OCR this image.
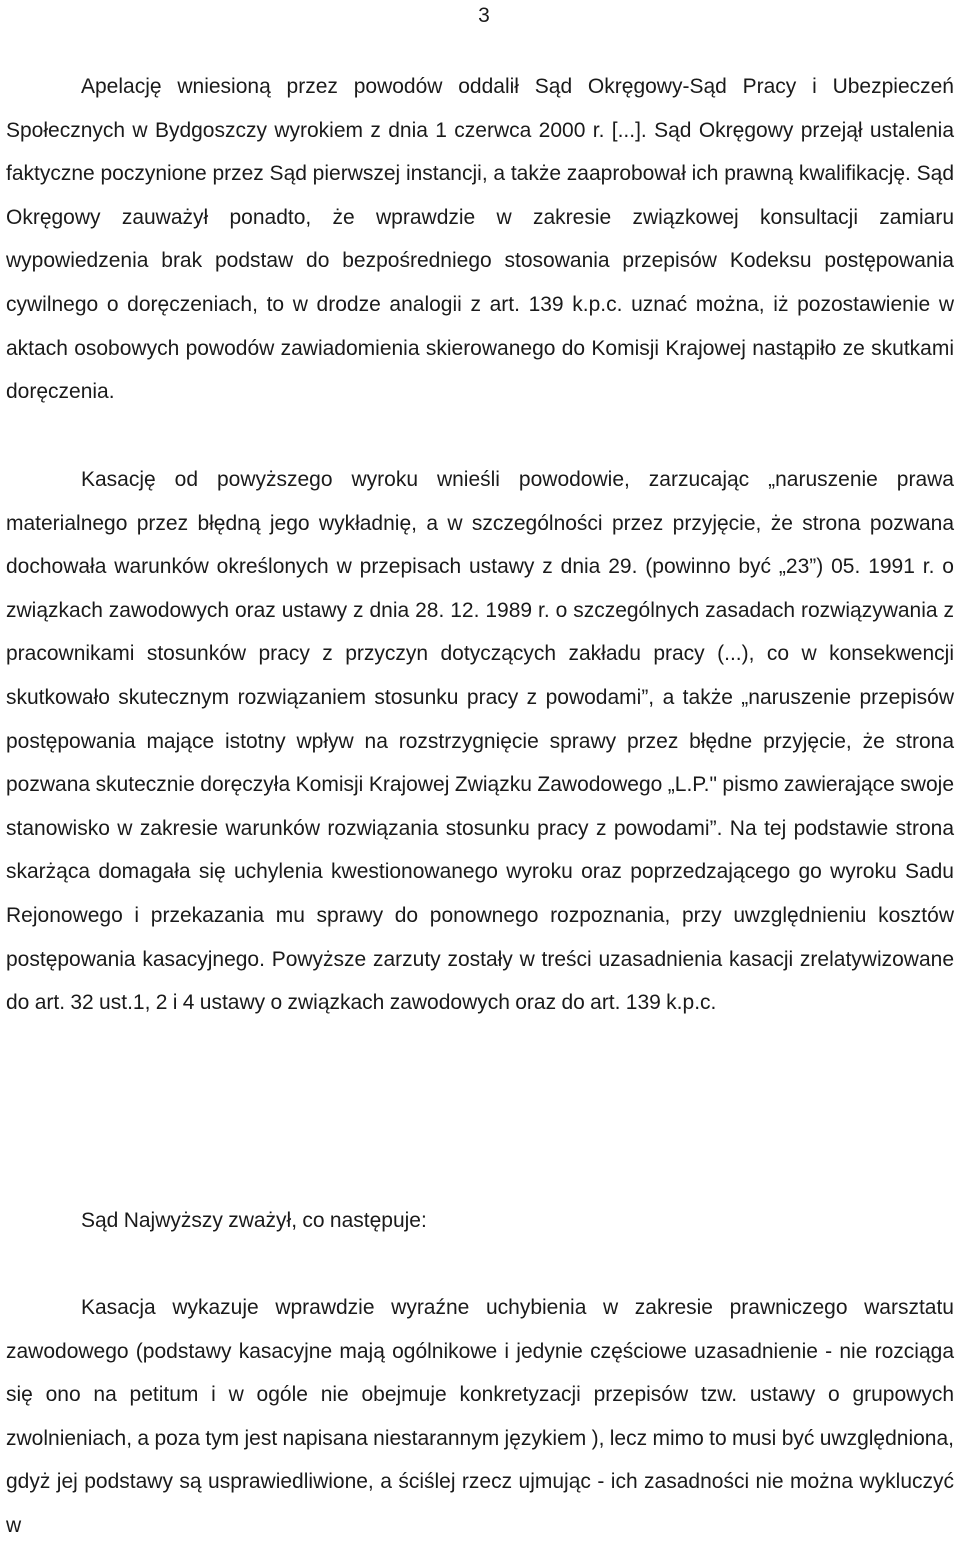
3

Apelację wniesioną przez powodów oddalił Sąd Okręgowy-Sąd Pracy i Ubezpieczeń Społecznych w Bydgoszczy wyrokiem z dnia 1 czerwca 2000 r. [...]. Sąd Okręgowy przejął ustalenia faktyczne poczynione przez Sąd pierwszej instancji, a także zaaprobował ich prawną kwalifikację. Sąd Okręgowy zauważył ponadto, że wprawdzie w zakresie związkowej konsultacji zamiaru wypowiedzenia brak podstaw do bezpośredniego stosowania przepisów Kodeksu postępowania cywilnego o doręczeniach, to w drodze analogii z art. 139 k.p.c. uznać można, iż pozostawienie w aktach osobowych powodów zawiadomienia skierowanego do Komisji Krajowej nastąpiło ze skutkami doręczenia.

Kasację od powyższego wyroku wnieśli powodowie, zarzucając „naruszenie prawa materialnego przez błędną jego wykładnię, a w szczególności przez przyjęcie, że strona pozwana dochowała warunków określonych w przepisach ustawy z dnia 29. (powinno być „23”) 05. 1991 r. o związkach zawodowych oraz ustawy z dnia 28. 12. 1989 r. o szczególnych zasadach rozwiązywania z pracownikami stosunków pracy z przyczyn dotyczących zakładu pracy (...), co w konsekwencji skutkowało skutecznym rozwiązaniem stosunku pracy z powodami”, a także „naruszenie przepisów postępowania mające istotny wpływ na rozstrzygnięcie sprawy przez błędne przyjęcie, że strona pozwana skutecznie doręczyła Komisji Krajowej Związku Zawodowego „L.P." pismo zawierające swoje stanowisko w zakresie warunków rozwiązania stosunku pracy z powodami”. Na tej podstawie strona skarżąca domagała się uchylenia kwestionowanego wyroku oraz poprzedzającego go wyroku Sadu Rejonowego i przekazania mu sprawy do ponownego rozpoznania, przy uwzględnieniu kosztów postępowania kasacyjnego. Powyższe zarzuty zostały w treści uzasadnienia kasacji zrelatywizowane do art. 32 ust.1, 2 i 4 ustawy o związkach zawodowych oraz do art. 139 k.p.c.

Sąd Najwyższy zważył, co następuje:

Kasacja wykazuje wprawdzie wyraźne uchybienia w zakresie prawniczego warsztatu zawodowego (podstawy kasacyjne mają ogólnikowe i jedynie częściowe uzasadnienie - nie rozciąga się ono na petitum i w ogóle nie obejmuje konkretyzacji przepisów tzw. ustawy o grupowych zwolnieniach, a poza tym jest napisana niestarannym językiem ), lecz mimo to musi być uwzględniona, gdyż jej podstawy są usprawiedliwione, a ściślej rzecz ujmując - ich zasadności nie można wykluczyć w
